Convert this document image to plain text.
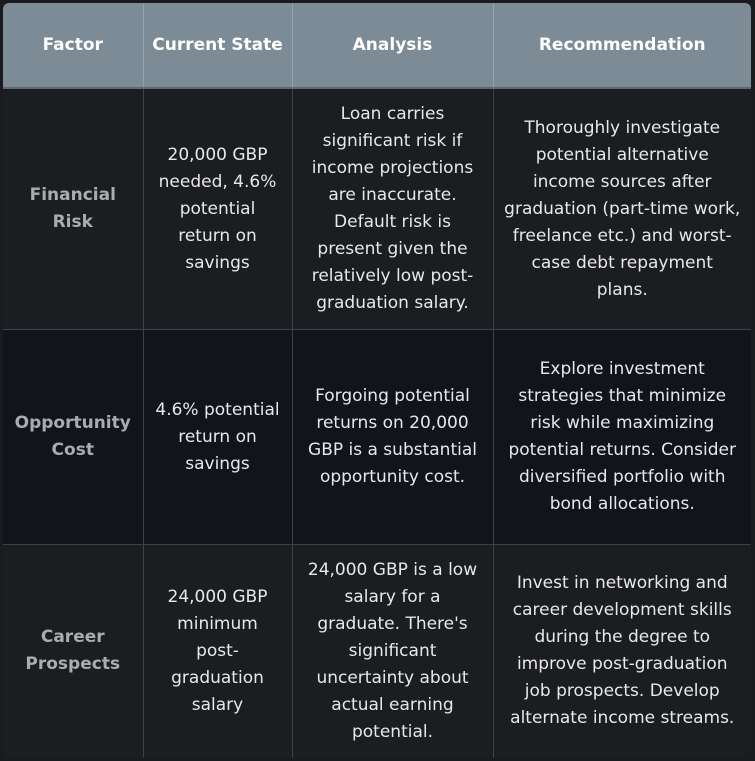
Factor	Current State	Analysis	Recommendation
Financial Risk	20,000 GBP needed, 4.6% potential return on savings	Loan carries significant risk if income projections are inaccurate. Default risk is present given the relatively low post-graduation salary.	Thoroughly investigate potential alternative income sources after graduation (part-time work, freelance etc.) and worst-case debt repayment plans.
Opportunity Cost	4.6% potential return on savings	Forgoing potential returns on 20,000 GBP is a substantial opportunity cost.	Explore investment strategies that minimize risk while maximizing potential returns. Consider diversified portfolio with bond allocations.
Career Prospects	24,000 GBP minimum post-graduation salary	24,000 GBP is a low salary for a graduate. There's significant uncertainty about actual earning potential.	Invest in networking and career development skills during the degree to improve post-graduation job prospects. Develop alternate income streams.
